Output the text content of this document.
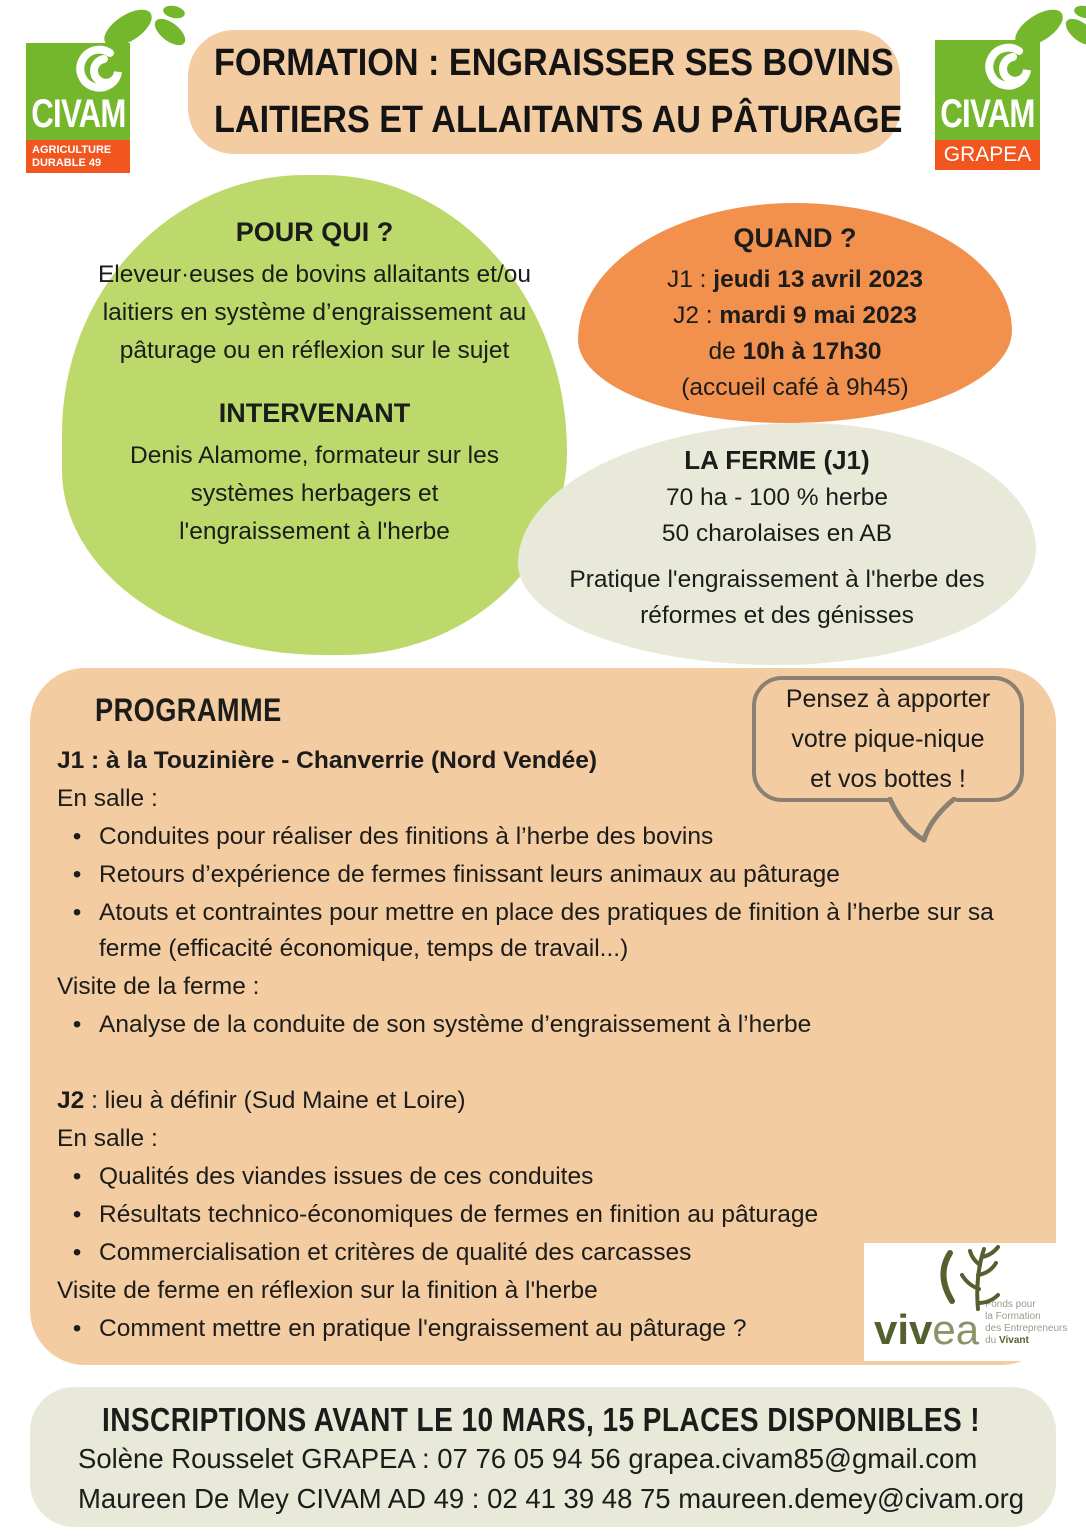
CIVAM
AGRICULTURE
DURABLE 49
FORMATION : ENGRAISSER SES BOVINS
LAITIERS ET ALLAITANTS AU PÂTURAGE CIVAM
GRAPEA
POUR QUI ?

Eleveur·euses de bovins allaitants et/ou laitiers en système d’engraissement au pâturage ou en réflexion sur le sujet

INTERVENANT

Denis Alamome, formateur sur les systèmes herbagers et l'engraissement à l'herbe

QUAND ?
J1 : jeudi 13 avril 2023
J2 : mardi 9 mai 2023
de 10h à 17h30
(accueil café à 9h45)
LA FERME (J1)
70 ha - 100 % herbe
50 charolaises en AB
Pratique l'engraissement à l'herbe des réformes et des génisses
PROGRAMME
J1 : à la Touzinière - Chanverrie (Nord Vendée)
En salle :
• Conduites pour réaliser des finitions à l’herbe des bovins
• Retours d’expérience de fermes finissant leurs animaux au pâturage
• Atouts et contraintes pour mettre en place des pratiques de finition à l’herbe sur sa ferme (efficacité économique, temps de travail...)
Visite de la ferme :
• Analyse de la conduite de son système d’engraissement à l’herbe
J2 : lieu à définir (Sud Maine et Loire)
En salle :
• Qualités des viandes issues de ces conduites
• Résultats technico-économiques de fermes en finition au pâturage
• Commercialisation et critères de qualité des carcasses
Visite de ferme en réflexion sur la finition à l'herbe
• Comment mettre en pratique l'engraissement au pâturage ?
Pensez à apporter
votre pique-nique
et vos bottes !
vivea
Fonds pour
la Formation
des Entrepreneurs
du Vivant
INSCRIPTIONS AVANT LE 10 MARS, 15 PLACES DISPONIBLES !
Solène Rousselet GRAPEA : 07 76 05 94 56 grapea.civam85@gmail.com
Maureen De Mey CIVAM AD 49 : 02 41 39 48 75 maureen.demey@civam.org
